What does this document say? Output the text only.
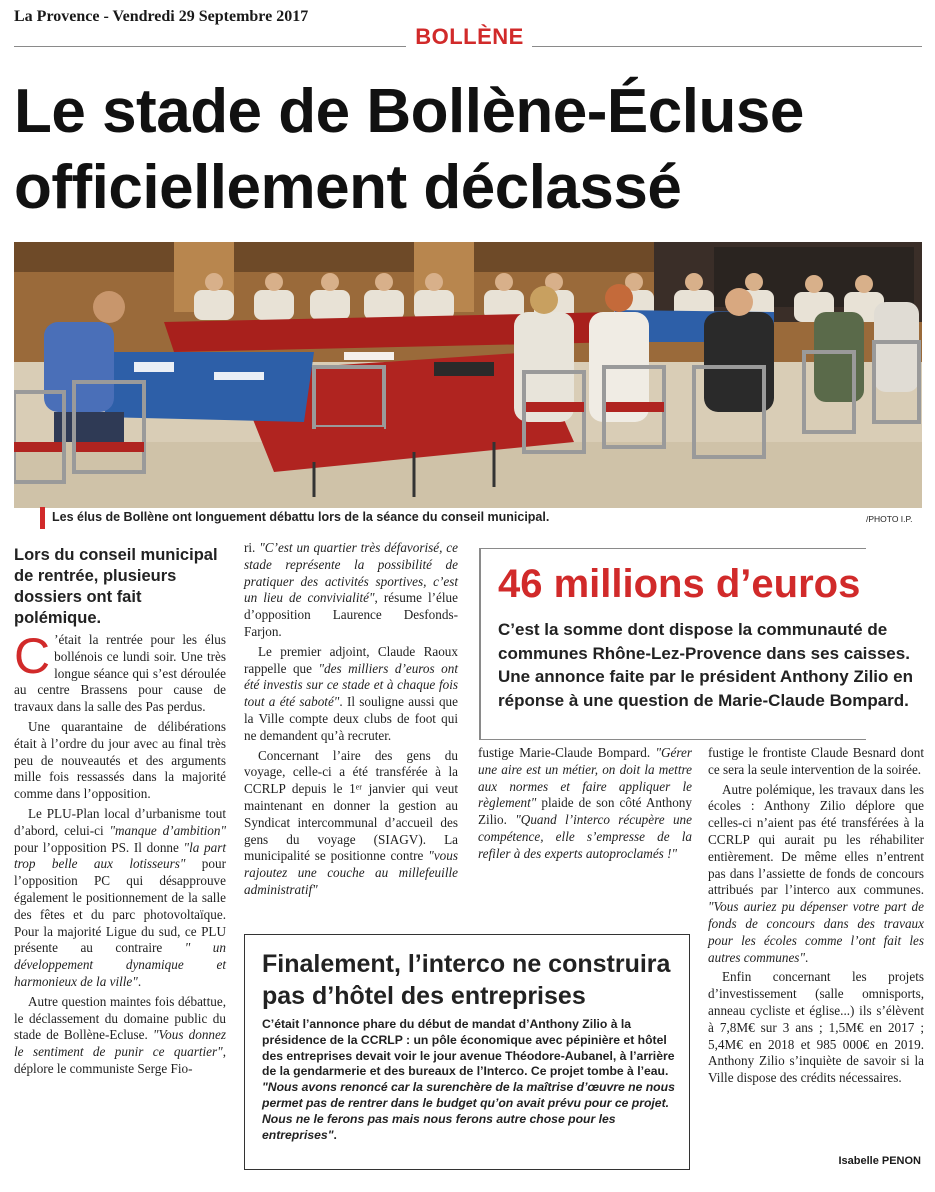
La Provence - Vendredi 29 Septembre 2017
BOLLÈNE
Le stade de Bollène-Écluse officiellement déclassé
Les élus de Bollène ont longuement débattu lors de la séance du conseil municipal.	/PHOTO I.P.
Lors du conseil municipal de rentrée, plusieurs dossiers ont fait polémique.

C ’était la rentrée pour les élus bollénois ce lundi soir. Une très longue séance qui s’est déroulée au centre Brassens pour cause de travaux dans la salle des Pas perdus.

Une quarantaine de délibérations était à l’ordre du jour avec au final très peu de nouveautés et des arguments mille fois ressassés dans la majorité comme dans l’opposition.

Le PLU-Plan local d’urbanisme tout d’abord, celui-ci "manque d’ambition" pour l’opposition PS. Il donne "la part trop belle aux lotisseurs" pour l’opposition PC qui désapprouve également le positionnement de la salle des fêtes et du parc photovoltaïque. Pour la majorité Ligue du sud, ce PLU présente au contraire " un développement dynamique et harmonieux de la ville".

Autre question maintes fois débattue, le déclassement du domaine public du stade de Bollène-Ecluse. "Vous donnez le sentiment de punir ce quartier", déplore le communiste Serge Fio-

ri. "C’est un quartier très défavorisé, ce stade représente la possibilité de pratiquer des activités sportives, c’est un lieu de convivialité", résume l’élue d’opposition Laurence Desfonds-Farjon.

Le premier adjoint, Claude Raoux rappelle que "des milliers d’euros ont été investis sur ce stade et à chaque fois tout a été saboté". Il souligne aussi que la Ville compte deux clubs de foot qui ne demandent qu’à recruter.

Concernant l’aire des gens du voyage, celle-ci a été transférée à la CCRLP depuis le 1ᵉʳ janvier qui veut maintenant en donner la gestion au Syndicat intercommunal d’accueil des gens du voyage (SIAGV). La municipalité se positionne contre "vous rajoutez une couche au millefeuille administratif"

46 millions d’euros
C’est la somme dont dispose la communauté de communes Rhône-Lez-Provence dans ses caisses. Une annonce faite par le président Anthony Zilio en réponse à une question de Marie-Claude Bompard.

fustige Marie-Claude Bompard. "Gérer une aire est un métier, on doit la mettre aux normes et faire appliquer le règlement" plaide de son côté Anthony Zilio. "Quand l’interco récupère une compétence, elle s’empresse de la refiler à des experts autoproclamés !"

fustige le frontiste Claude Besnard dont ce sera la seule intervention de la soirée.

Autre polémique, les travaux dans les écoles : Anthony Zilio déplore que celles-ci n’aient pas été transférées à la CCRLP qui aurait pu les réhabiliter entièrement. De même elles n’entrent pas dans l’assiette de fonds de concours attribués par l’interco aux communes. "Vous auriez pu dépenser votre part de fonds de concours dans des travaux pour les écoles comme l’ont fait les autres communes".

Enfin concernant les projets d’investissement (salle omnisports, anneau cycliste et église...) ils s’élèvent à 7,8M€ sur 3 ans ; 1,5M€ en 2017 ; 5,4M€ en 2018 et 985 000€ en 2019. Anthony Zilio s’inquiète de savoir si la Ville dispose des crédits nécessaires.

Finalement, l’interco ne construira pas d’hôtel des entreprises
C’était l’annonce phare du début de mandat d’Anthony Zilio à la présidence de la CCRLP : un pôle économique avec pépinière et hôtel des entreprises devait voir le jour avenue Théodore-Aubanel, à l’arrière de la gendarmerie et des bureaux de l’Interco. Ce projet tombe à l’eau. "Nous avons renoncé car la surenchère de la maîtrise d’œuvre ne nous permet pas de rentrer dans le budget qu’on avait prévu pour ce projet. Nous ne le ferons pas mais nous ferons autre chose pour les entreprises".
Isabelle PENON
